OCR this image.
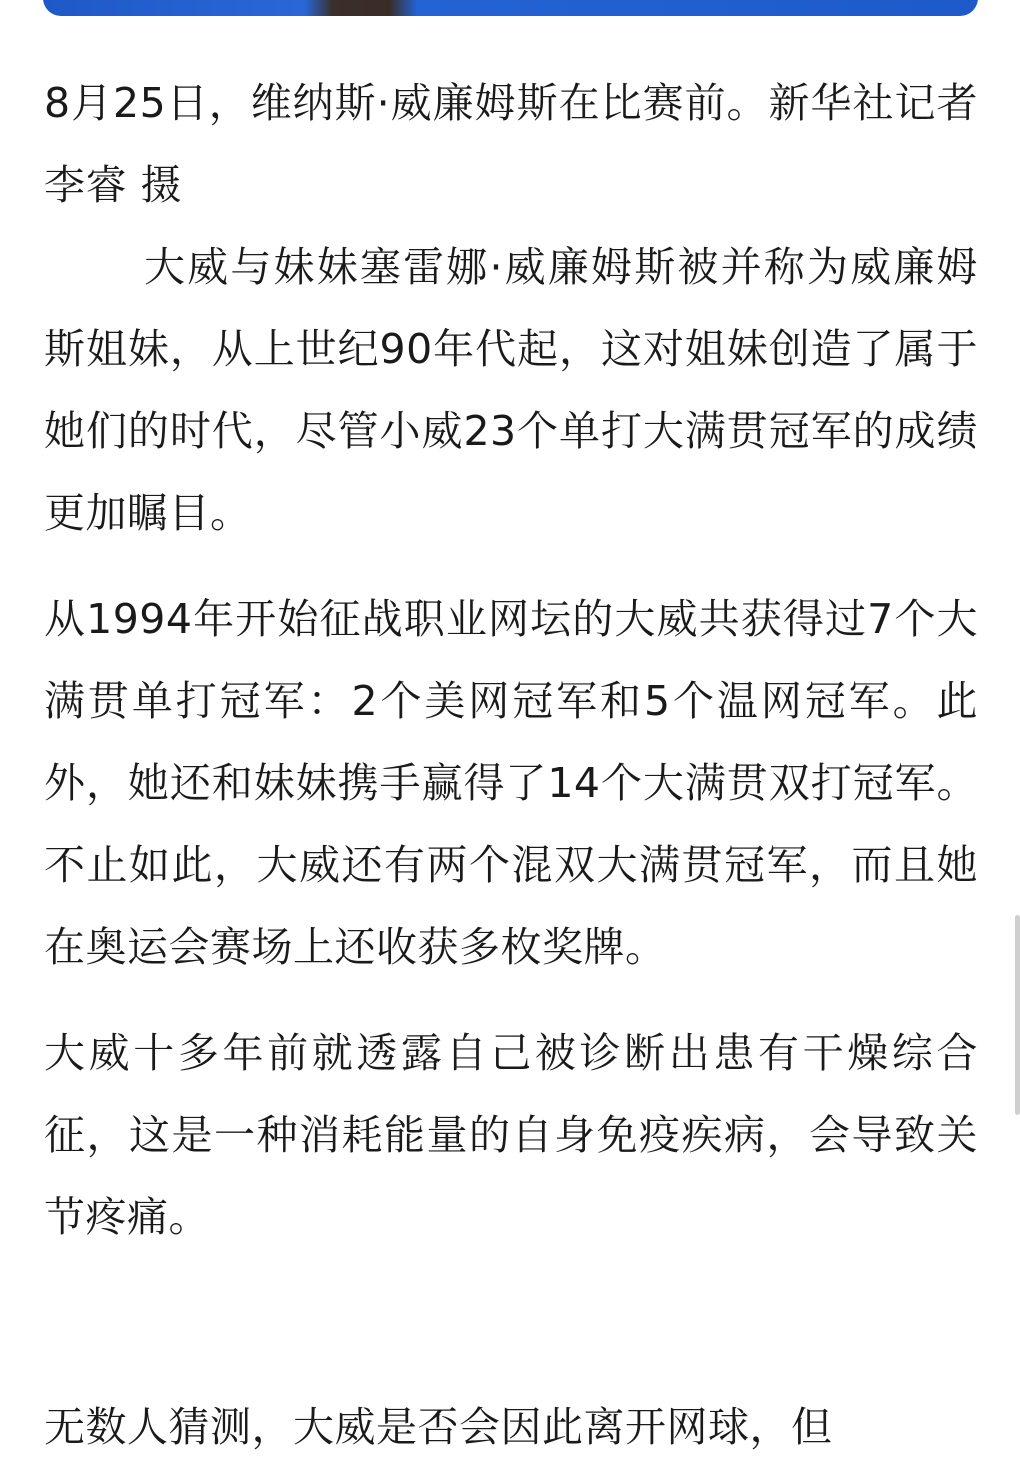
8月25日，维纳斯·威廉姆斯在比赛前。新华社记者 李睿 摄

大威与妹妹塞雷娜·威廉姆斯被并称为威廉姆斯姐妹，从上世纪90年代起，这对姐妹创造了属于她们的时代，尽管小威23个单打大满贯冠军的成绩更加瞩目。

从1994年开始征战职业网坛的大威共获得过7个大满贯单打冠军：2个美网冠军和5个温网冠军。此外，她还和妹妹携手赢得了14个大满贯双打冠军。不止如此，大威还有两个混双大满贯冠军，而且她在奥运会赛场上还收获多枚奖牌。

大威十多年前就透露自己被诊断出患有干燥综合征，这是一种消耗能量的自身免疫疾病，会导致关节疼痛。

无数人猜测，大威是否会因此离开网球，但
